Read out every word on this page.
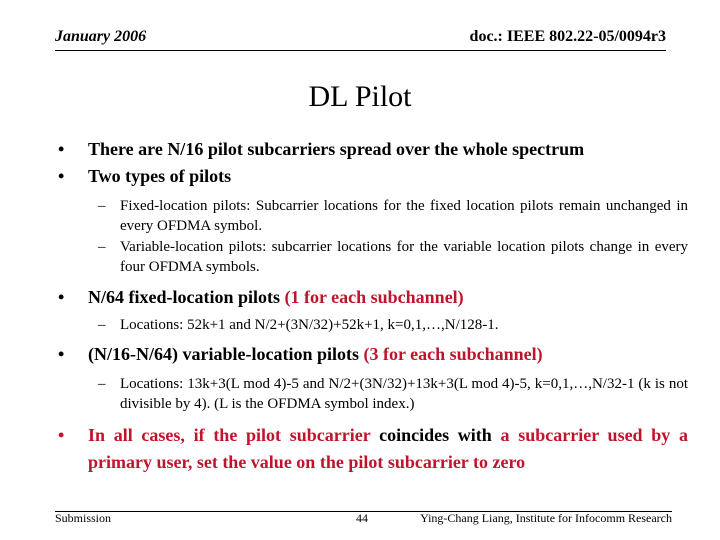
January 2006	doc.: IEEE 802.22-05/0094r3
DL Pilot
•	There are N/16 pilot subcarriers spread over the whole spectrum
•	Two types of pilots
– Fixed-location pilots: Subcarrier locations for the fixed location pilots remain unchanged in every OFDMA symbol.
– Variable-location pilots: subcarrier locations for the variable location pilots change in every four OFDMA symbols.
•	N/64 fixed-location pilots (1 for each subchannel)
– Locations: 52k+1 and N/2+(3N/32)+52k+1, k=0,1,…,N/128-1.
•	(N/16-N/64) variable-location pilots (3 for each subchannel)
– Locations: 13k+3(L mod 4)-5 and N/2+(3N/32)+13k+3(L mod 4)-5, k=0,1,…,N/32-1 (k is not divisible by 4). (L is the OFDMA symbol index.)
•	In all cases, if the pilot subcarrier coincides with a subcarrier used by a primary user, set the value on the pilot subcarrier to zero
Submission	44	Ying-Chang Liang, Institute for Infocomm Research
